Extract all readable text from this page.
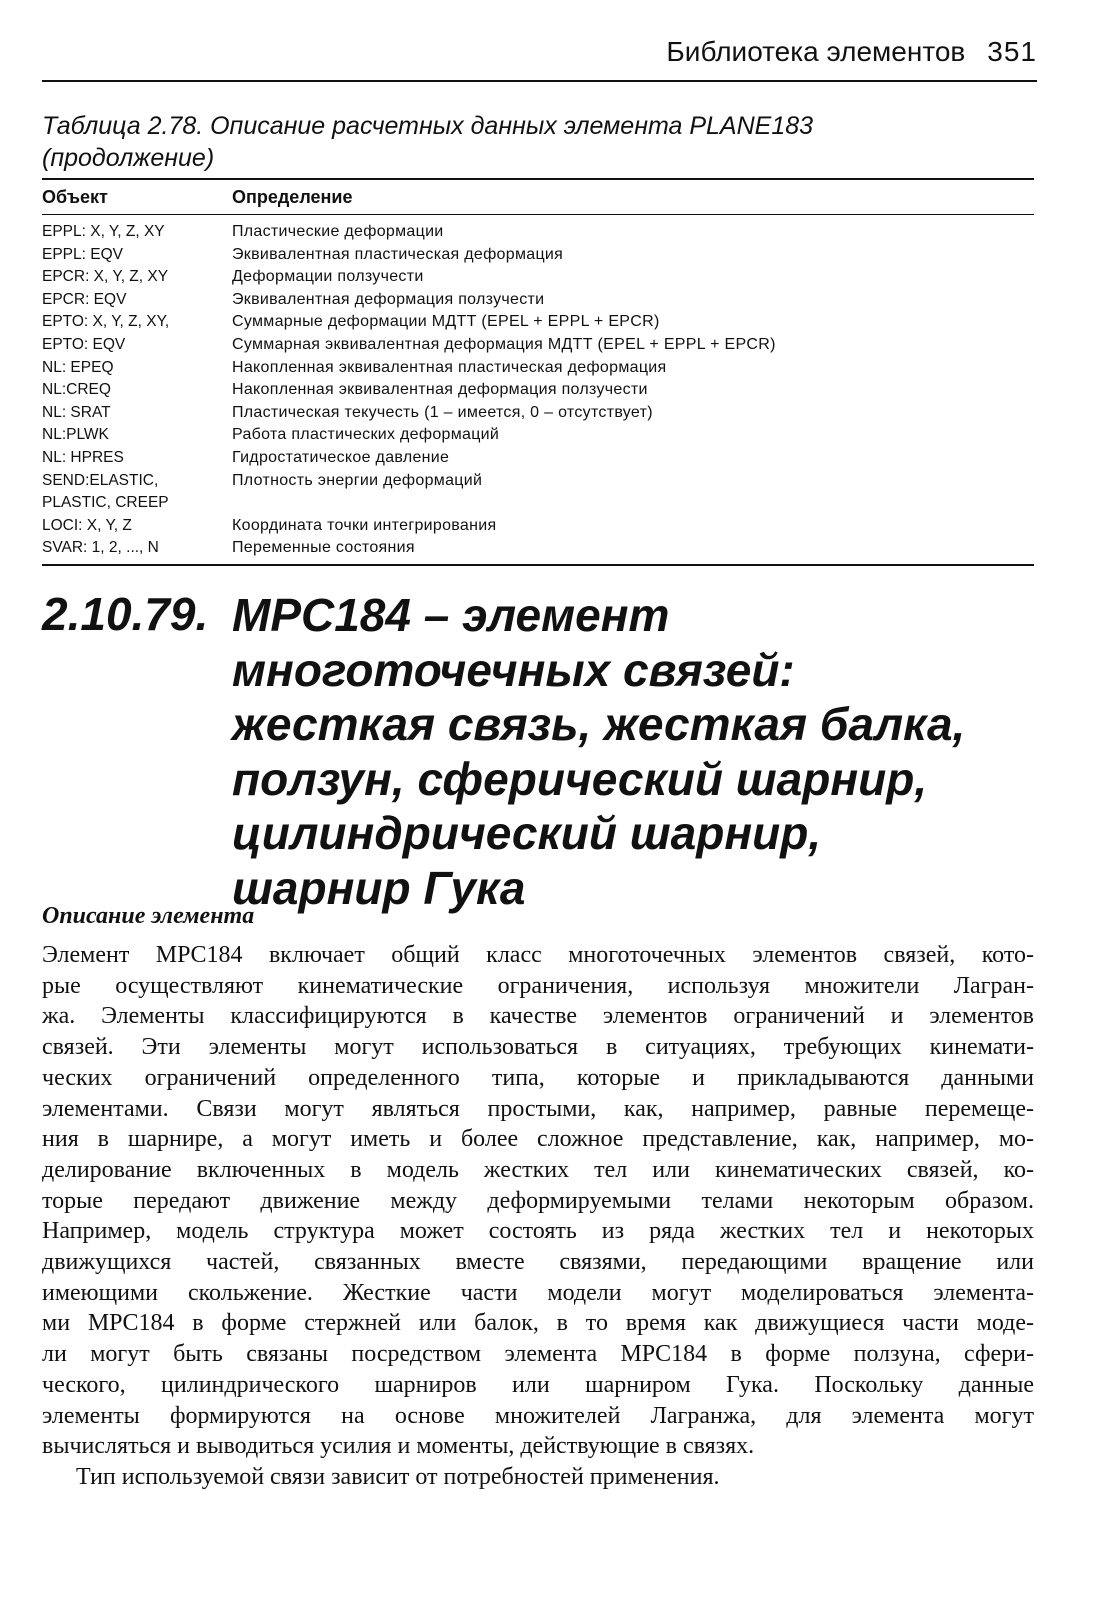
Библиотека элементов 351
Таблица 2.78. Описание расчетных данных элемента PLANE183
(продолжение)
Объект	Определение
EPPL: X, Y, Z, XY	Пластические деформации
EPPL: EQV	Эквивалентная пластическая деформация
EPCR: X, Y, Z, XY	Деформации ползучести
EPCR: EQV	Эквивалентная деформация ползучести
EPTO: X, Y, Z, XY,	Суммарные деформации МДТТ (EPEL + EPPL + EPCR)
EPTO: EQV	Суммарная эквивалентная деформация МДТТ (EPEL + EPPL + EPCR)
NL: EPEQ	Накопленная эквивалентная пластическая деформация
NL:CREQ	Накопленная эквивалентная деформация ползучести
NL: SRAT	Пластическая текучесть (1 – имеется, 0 – отсутствует)
NL:PLWK	Работа пластических деформаций
NL: HPRES	Гидростатическое давление
SEND:ELASTIC,	Плотность энергии деформаций
PLASTIC, CREEP
LOCI: X, Y, Z	Координата точки интегрирования
SVAR: 1, 2, ..., N	Переменные состояния
2.10.79. MPC184 – элемент
многоточечных связей:
жесткая связь, жесткая балка,
ползун, сферический шарнир,
цилиндрический шарнир,
шарнир Гука
Описание элемента
Элемент MPC184 включает общий класс многоточечных элементов связей, кото-
рые осуществляют кинематические ограничения, используя множители Лагран-
жа. Элементы классифицируются в качестве элементов ограничений и элементов
связей. Эти элементы могут использоваться в ситуациях, требующих кинемати-
ческих ограничений определенного типа, которые и прикладываются данными
элементами. Связи могут являться простыми, как, например, равные перемеще-
ния в шарнире, а могут иметь и более сложное представление, как, например, мо-
делирование включенных в модель жестких тел или кинематических связей, ко-
торые передают движение между деформируемыми телами некоторым образом.
Например, модель структура может состоять из ряда жестких тел и некоторых
движущихся частей, связанных вместе связями, передающими вращение или
имеющими скольжение. Жесткие части модели могут моделироваться элемента-
ми MPC184 в форме стержней или балок, в то время как движущиеся части моде-
ли могут быть связаны посредством элемента MPC184 в форме ползуна, сфери-
ческого, цилиндрического шарниров или шарниром Гука. Поскольку данные
элементы формируются на основе множителей Лагранжа, для элемента могут
вычисляться и выводиться усилия и моменты, действующие в связях.
Тип используемой связи зависит от потребностей применения.
